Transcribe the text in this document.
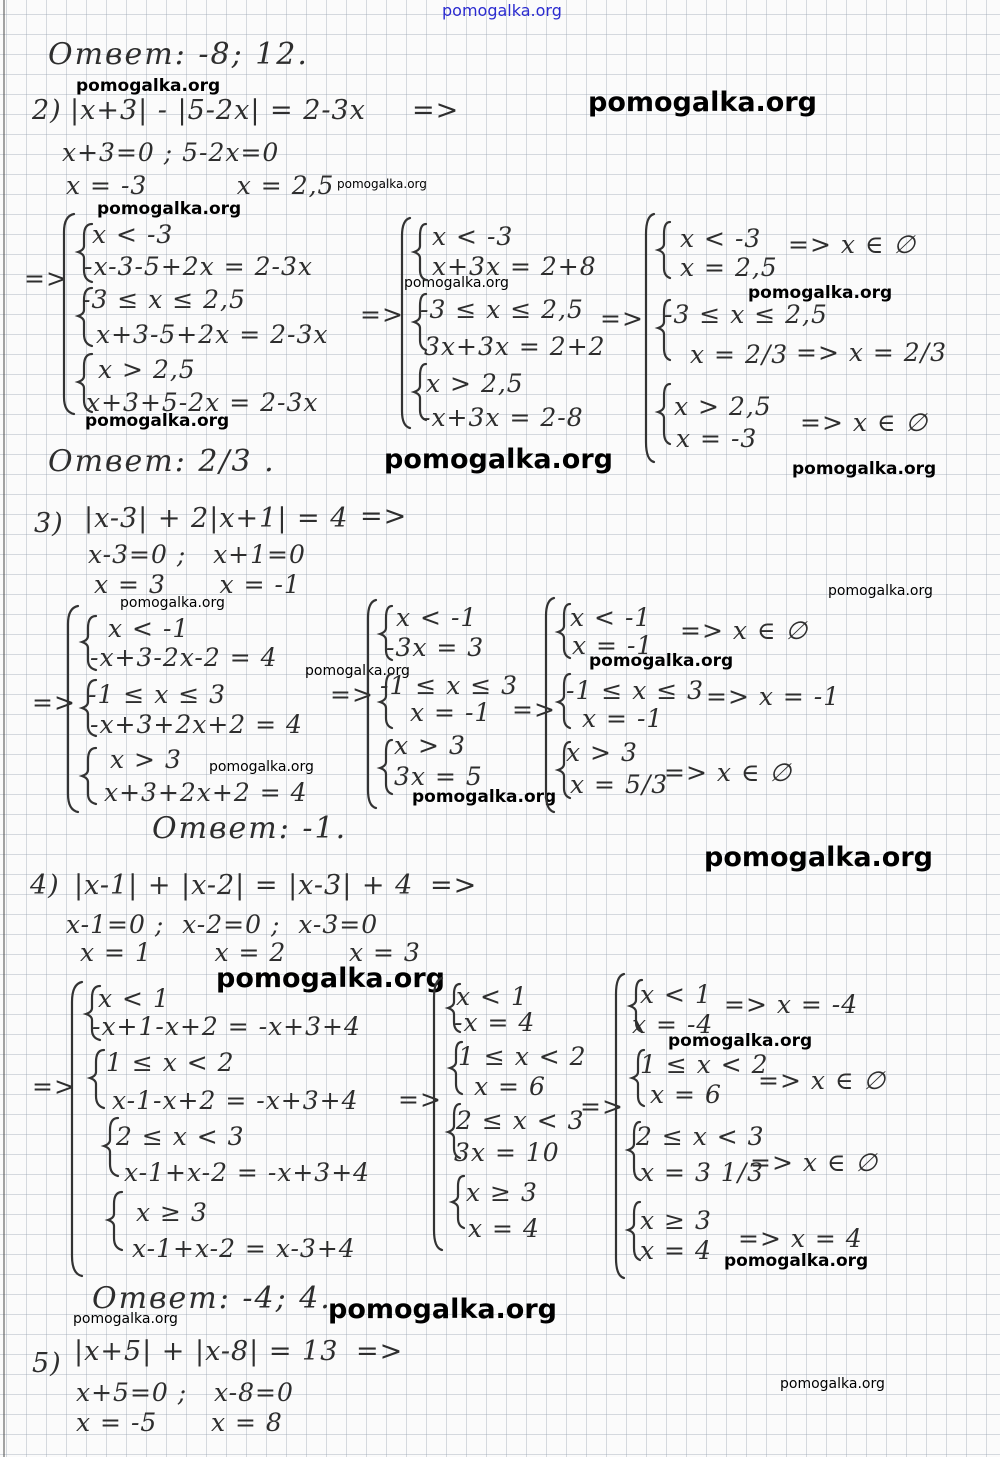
pomogalka.org
pomogalka.org
pomogalka.org
pomogalka.org
pomogalka.org
pomogalka.org	pomogalka.org
pomogalka.org
pomogalka.org	pomogalka.org
pomogalka.org
pomogalka.org
pomogalka.org
pomogalka.org
pomogalka.org
pomogalka.org
pomogalka.org
pomogalka.org
pomogalka.org
pomogalka.org
pomogalka.org	pomogalka.org
pomogalka.org
Ответ: -8; 12.
2) |x+3| - |5-2x| = 2-3x =>
x+3=0 ; 5-2x=0
x = -3          x = 2,5
=>
x < -3
-x-3-5+2x = 2-3x
-3 ≤ x ≤ 2,5
x+3-5+2x = 2-3x
x > 2,5
x+3+5-2x = 2-3x
=>
x < -3
x+3x = 2+8
-3 ≤ x ≤ 2,5
3x+3x = 2+2
x > 2,5
-x+3x = 2-8
=>
x < -3
x = 2,5
-3 ≤ x ≤ 2,5
x = 2/3
x > 2,5
x = -3
=> x ∈ ∅
=> x = 2/3
=> x ∈ ∅
Ответ: 2/3 .
3) |x-3| + 2|x+1| = 4 =>
x-3=0 ;   x+1=0
x = 3      x = -1
=>
x < -1
-x+3-2x-2 = 4
-1 ≤ x ≤ 3
-x+3+2x+2 = 4
x > 3
x+3+2x+2 = 4
=>
x < -1
-3x = 3
-1 ≤ x ≤ 3
x = -1
x > 3
3x = 5
=>
x < -1
x = -1
-1 ≤ x ≤ 3
x = -1
x > 3
x = 5/3
=> x ∈ ∅
=> x = -1
=> x ∈ ∅
Ответ: -1.
4) |x-1| + |x-2| = |x-3| + 4 =>
x-1=0 ;  x-2=0 ;  x-3=0
x = 1       x = 2       x = 3
=>
x < 1
-x+1-x+2 = -x+3+4
1 ≤ x < 2
x-1-x+2 = -x+3+4
2 ≤ x < 3
x-1+x-2 = -x+3+4
x ≥ 3
x-1+x-2 = x-3+4
=>
x < 1
-x = 4
1 ≤ x < 2
x = 6
2 ≤ x < 3
3x = 10
x ≥ 3
x = 4
=>
x < 1
x = -4
1 ≤ x < 2
x = 6
2 ≤ x < 3
x = 3 1/3
x ≥ 3
x = 4
=> x = -4
=> x ∈ ∅
=> x ∈ ∅
=> x = 4
Ответ: -4; 4.
5) |x+5| + |x-8| = 13 =>
x+5=0 ;   x-8=0
x = -5      x = 8
